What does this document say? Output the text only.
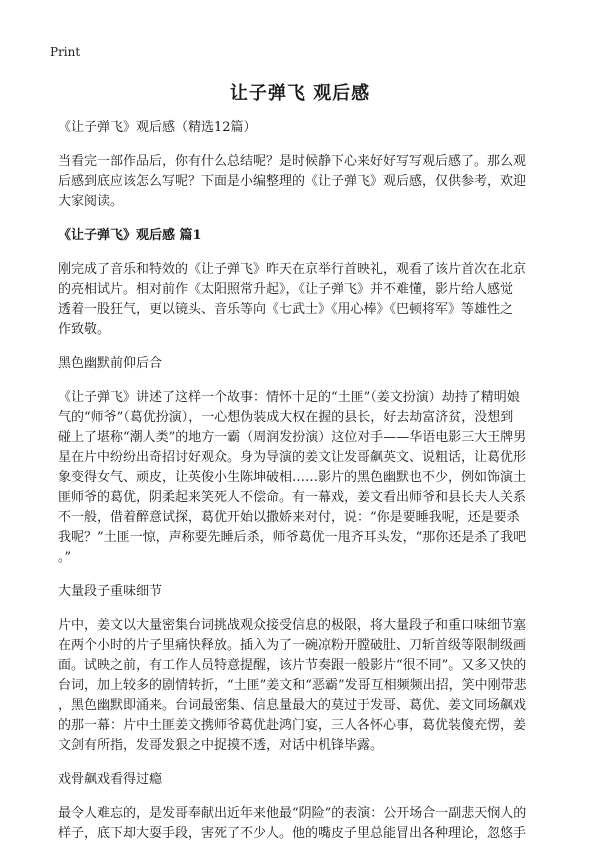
Print
让子弹飞 观后感

《让子弹飞》观后感（精选12篇）

当看完一部作品后，你有什么总结呢？是时候静下心来好好写写观后感了。那么观
后感到底应该怎么写呢？下面是小编整理的《让子弹飞》观后感，仅供参考，欢迎
大家阅读。

《让子弹飞》观后感 篇1

刚完成了音乐和特效的《让子弹飞》昨天在京举行首映礼，观看了该片首次在北京
的亮相试片。相对前作《太阳照常升起》，《让子弹飞》并不难懂，影片给人感觉
透着一股狂气，更以镜头、音乐等向《七武士》《用心棒》《巴顿将军》等雄性之
作致敬。

黑色幽默前仰后合

《让子弹飞》讲述了这样一个故事：情怀十足的“土匪”（姜文扮演）劫持了精明娘
气的“师爷”（葛优扮演），一心想伪装成大权在握的县长，好去劫富济贫，没想到
碰上了堪称“潮人类”的地方一霸（周润发扮演）这位对手——华语电影三大王牌男
星在片中纷纷出奇招讨好观众。身为导演的姜文让发哥飙英文、说粗话，让葛优形
象变得女气、顽皮，让英俊小生陈坤破相……影片的黑色幽默也不少，例如饰演土
匪师爷的葛优，阴柔起来笑死人不偿命。有一幕戏，姜文看出师爷和县长夫人关系
不一般，借着醉意试探，葛优开始以撒娇来对付，说：“你是要睡我呢，还是要杀
我呢？”土匪一惊，声称要先睡后杀，师爷葛优一甩齐耳头发，“那你还是杀了我吧
。”

大量段子重味细节

片中，姜文以大量密集台词挑战观众接受信息的极限，将大量段子和重口味细节塞
在两个小时的片子里痛快释放。插入为了一碗凉粉开膛破肚、刀斩首级等限制级画
面。试映之前，有工作人员特意提醒，该片节奏跟一般影片“很不同”。又多又快的
台词，加上较多的剧情转折，“土匪”姜文和“恶霸”发哥互相频频出招，笑中刚带悲
，黑色幽默即涌来。台词最密集、信息量最大的莫过于发哥、葛优、姜文同场飙戏
的那一幕：片中土匪姜文携师爷葛优赴鸿门宴，三人各怀心事，葛优装傻充愣，姜
文剑有所指，发哥发狠之中捉摸不透，对话中机锋毕露。

戏骨飙戏看得过瘾

最令人难忘的，是发哥奉献出近年来他最“阴险”的表演：公开场合一副悲天悯人的
样子，底下却大耍手段，害死了不少人。他的嘴皮子里总能冒出各种理论，忽悠手
